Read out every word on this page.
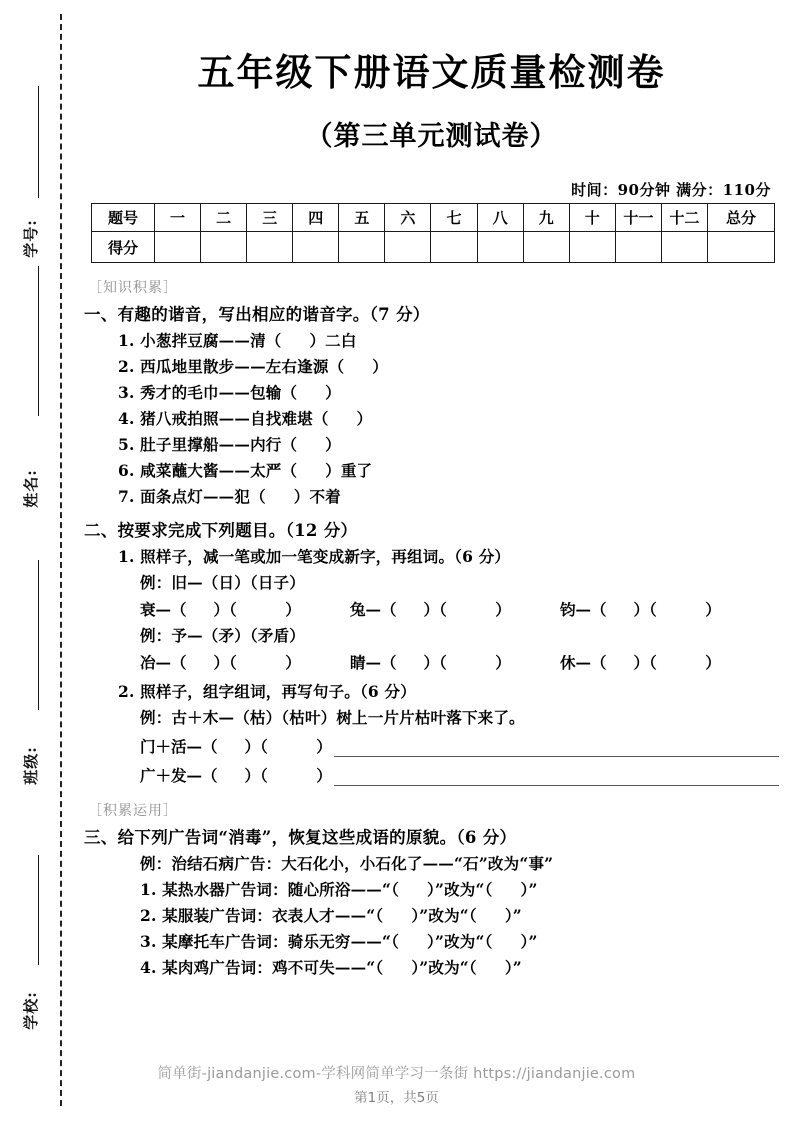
学号:
姓名:
班级:
学校:
五年级下册语文质量检测卷
（第三单元测试卷）
时间：90分钟 满分：110分
题号	一	二	三	四	五	六	七	八	九	十	十一	十二	总分
得分													
［知识积累］
一、有趣的谐音，写出相应的谐音字。（7 分）
1. 小葱拌豆腐——清（     ）二白
2. 西瓜地里散步——左右逢源（     ）
3. 秀才的毛巾——包输（     ）
4. 猪八戒拍照——自找难堪（     ）
5. 肚子里撑船——内行（     ）
6. 咸菜蘸大酱——太严（     ）重了
7. 面条点灯——犯（     ）不着
二、按要求完成下列题目。（12 分）
1. 照样子，减一笔或加一笔变成新字，再组词。（6 分）
例：旧—（日）（日子）
衰—（     ）（         ）	兔—（     ）（         ）	钧—（     ）（         ）
例：予—（矛）（矛盾）
冶—（     ）（         ）	睛—（     ）（         ）	休—（     ）（         ）
2. 照样子，组字组词，再写句子。（6 分）
例：古＋木—（枯）（枯叶）树上一片片枯叶落下来了。
门＋活—（     ）（         ）
广＋发—（     ）（         ）
［积累运用］
三、给下列广告词“消毒”，恢复这些成语的原貌。（6 分）
例：治结石病广告：大石化小，小石化了——“石”改为“事”
1. 某热水器广告词：随心所浴——“（     ）”改为“（     ）”
2. 某服装广告词：衣表人才——“（     ）”改为“（     ）”
3. 某摩托车广告词：骑乐无穷——“（     ）”改为“（     ）”
4. 某肉鸡广告词：鸡不可失——“（     ）”改为“（     ）”
简单街-jiandanjie.com-学科网简单学习一条街 https://jiandanjie.com
第1页，共5页
